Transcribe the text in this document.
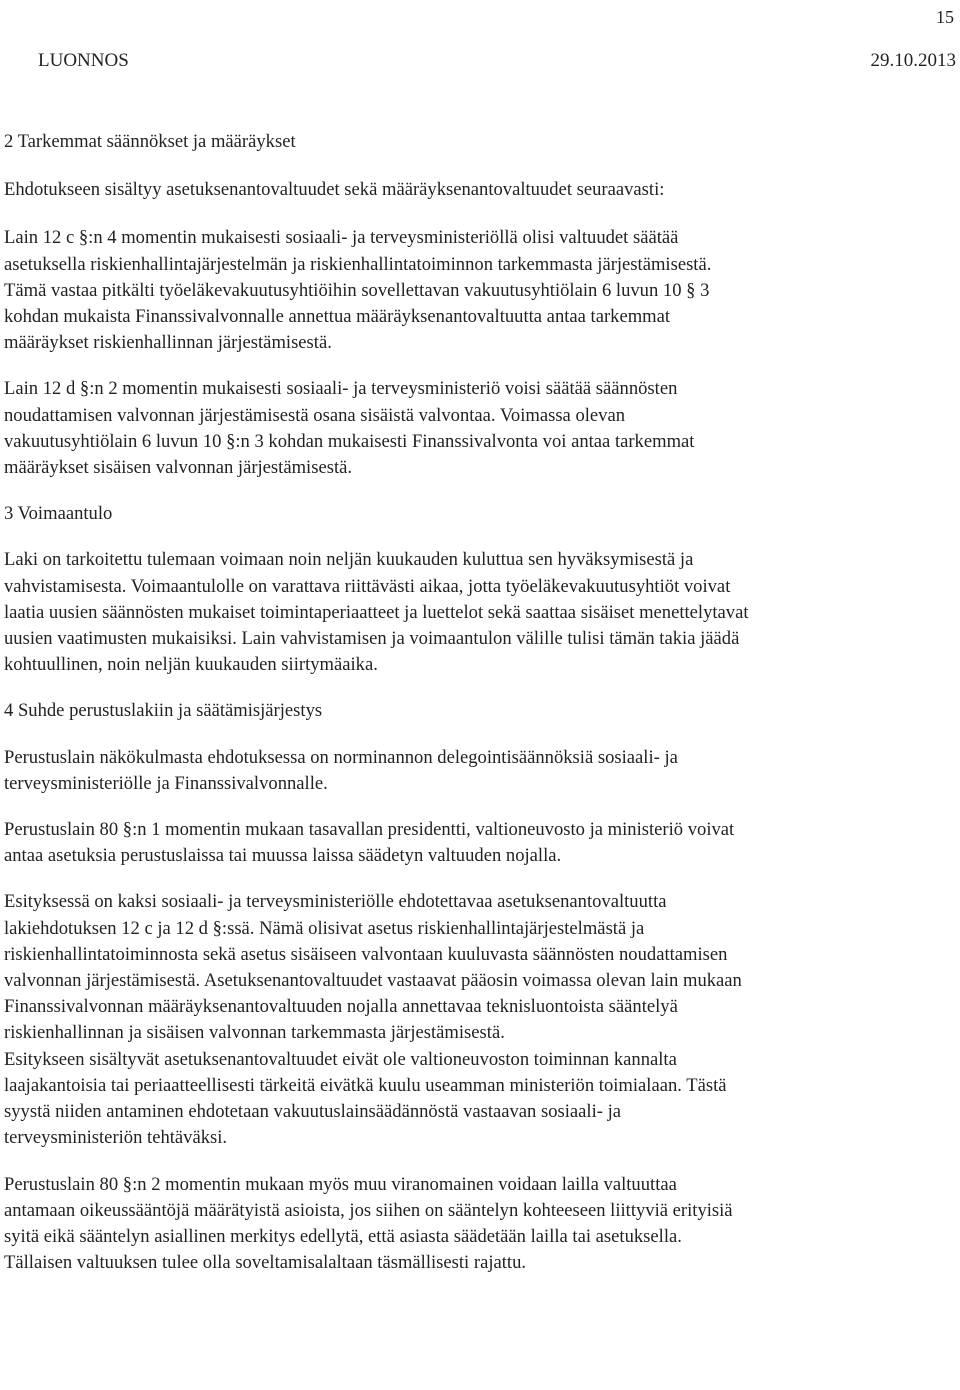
15
LUONNOS	29.10.2013

2 Tarkemmat säännökset ja määräykset

Ehdotukseen sisältyy asetuksenantovaltuudet sekä määräyksenantovaltuudet seuraavasti:

Lain 12 c §:n 4 momentin mukaisesti sosiaali- ja terveysministeriöllä olisi valtuudet säätää

asetuksella riskienhallintajärjestelmän ja riskienhallintatoiminnon tarkemmasta järjestämisestä.

Tämä vastaa pitkälti työeläkevakuutusyhtiöihin sovellettavan vakuutusyhtiölain 6 luvun 10 § 3

kohdan mukaista Finanssivalvonnalle annettua määräyksenantovaltuutta antaa tarkemmat

määräykset riskienhallinnan järjestämisestä.

Lain 12 d §:n 2 momentin mukaisesti sosiaali- ja terveysministeriö voisi säätää säännösten

noudattamisen valvonnan järjestämisestä osana sisäistä valvontaa. Voimassa olevan

vakuutusyhtiölain 6 luvun 10 §:n 3 kohdan mukaisesti Finanssivalvonta voi antaa tarkemmat

määräykset sisäisen valvonnan järjestämisestä.

3 Voimaantulo

Laki on tarkoitettu tulemaan voimaan noin neljän kuukauden kuluttua sen hyväksymisestä ja

vahvistamisesta. Voimaantulolle on varattava riittävästi aikaa, jotta työeläkevakuutusyhtiöt voivat

laatia uusien säännösten mukaiset toimintaperiaatteet ja luettelot sekä saattaa sisäiset menettelytavat

uusien vaatimusten mukaisiksi. Lain vahvistamisen ja voimaantulon välille tulisi tämän takia jäädä

kohtuullinen, noin neljän kuukauden siirtymäaika.

4 Suhde perustuslakiin ja säätämisjärjestys

Perustuslain näkökulmasta ehdotuksessa on norminannon delegointisäännöksiä sosiaali- ja

terveysministeriölle ja Finanssivalvonnalle.

Perustuslain 80 §:n 1 momentin mukaan tasavallan presidentti, valtioneuvosto ja ministeriö voivat

antaa asetuksia perustuslaissa tai muussa laissa säädetyn valtuuden nojalla.

Esityksessä on kaksi sosiaali- ja terveysministeriölle ehdotettavaa asetuksenantovaltuutta

lakiehdotuksen 12 c ja 12 d §:ssä. Nämä olisivat asetus riskienhallintajärjestelmästä ja

riskienhallintatoiminnosta sekä asetus sisäiseen valvontaan kuuluvasta säännösten noudattamisen

valvonnan järjestämisestä. Asetuksenantovaltuudet vastaavat pääosin voimassa olevan lain mukaan

Finanssivalvonnan määräyksenantovaltuuden nojalla annettavaa teknisluontoista sääntelyä

riskienhallinnan ja sisäisen valvonnan tarkemmasta järjestämisestä.

Esitykseen sisältyvät asetuksenantovaltuudet eivät ole valtioneuvoston toiminnan kannalta

laajakantoisia tai periaatteellisesti tärkeitä eivätkä kuulu useamman ministeriön toimialaan. Tästä

syystä niiden antaminen ehdotetaan vakuutuslainsäädännöstä vastaavan sosiaali- ja

terveysministeriön tehtäväksi.

Perustuslain 80 §:n 2 momentin mukaan myös muu viranomainen voidaan laillа valtuuttaa

antamaan oikeussääntöjä määrätyistä asioista, jos siihen on sääntelyn kohteeseen liittyviä erityisiä

syitä eikä sääntelyn asiallinen merkitys edellytä, että asiasta säädetään lailla tai asetuksella.

Tällaisen valtuuksen tulee olla soveltamisalaltaan täsmällisesti rajattu.
